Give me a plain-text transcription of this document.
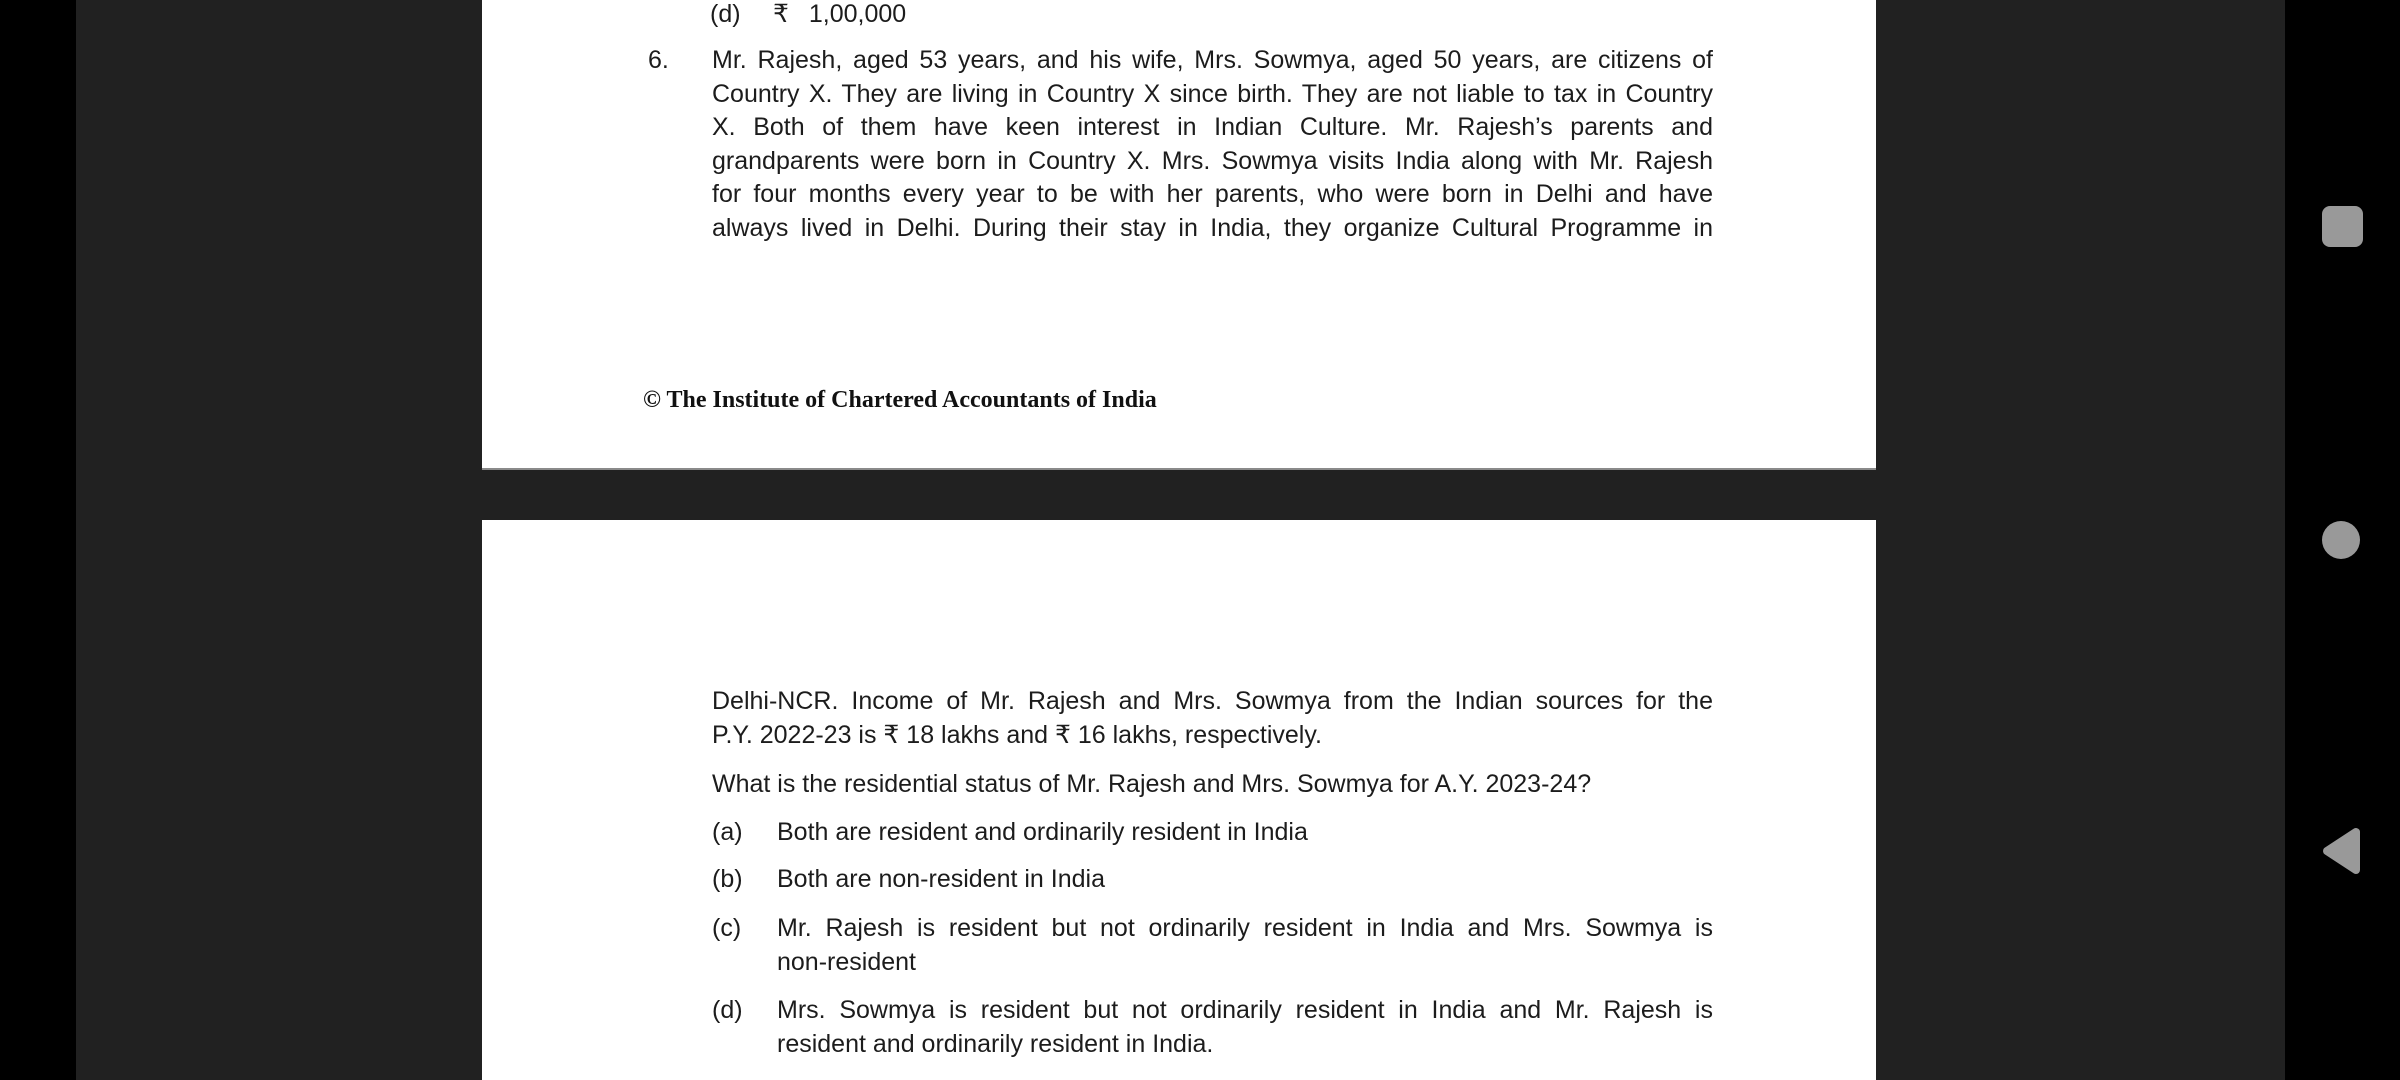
(d) ₹ 1,00,000
6. Mr. Rajesh, aged 53 years, and his wife, Mrs. Sowmya, aged 50 years, are citizens of
Country X. They are living in Country X since birth. They are not liable to tax in Country
X. Both of them have keen interest in Indian Culture. Mr. Rajesh’s parents and
grandparents were born in Country X. Mrs. Sowmya visits India along with Mr. Rajesh
for four months every year to be with her parents, who were born in Delhi and have
always lived in Delhi. During their stay in India, they organize Cultural Programme in
© The Institute of Chartered Accountants of India
Delhi-NCR. Income of Mr. Rajesh and Mrs. Sowmya from the Indian sources for the
P.Y. 2022-23 is ₹ 18 lakhs and ₹ 16 lakhs, respectively.
What is the residential status of Mr. Rajesh and Mrs. Sowmya for A.Y. 2023-24?
(a) Both are resident and ordinarily resident in India
(b) Both are non-resident in India
(c) Mr. Rajesh is resident but not ordinarily resident in India and Mrs. Sowmya is
non-resident
(d) Mrs. Sowmya is resident but not ordinarily resident in India and Mr. Rajesh is
resident and ordinarily resident in India.
